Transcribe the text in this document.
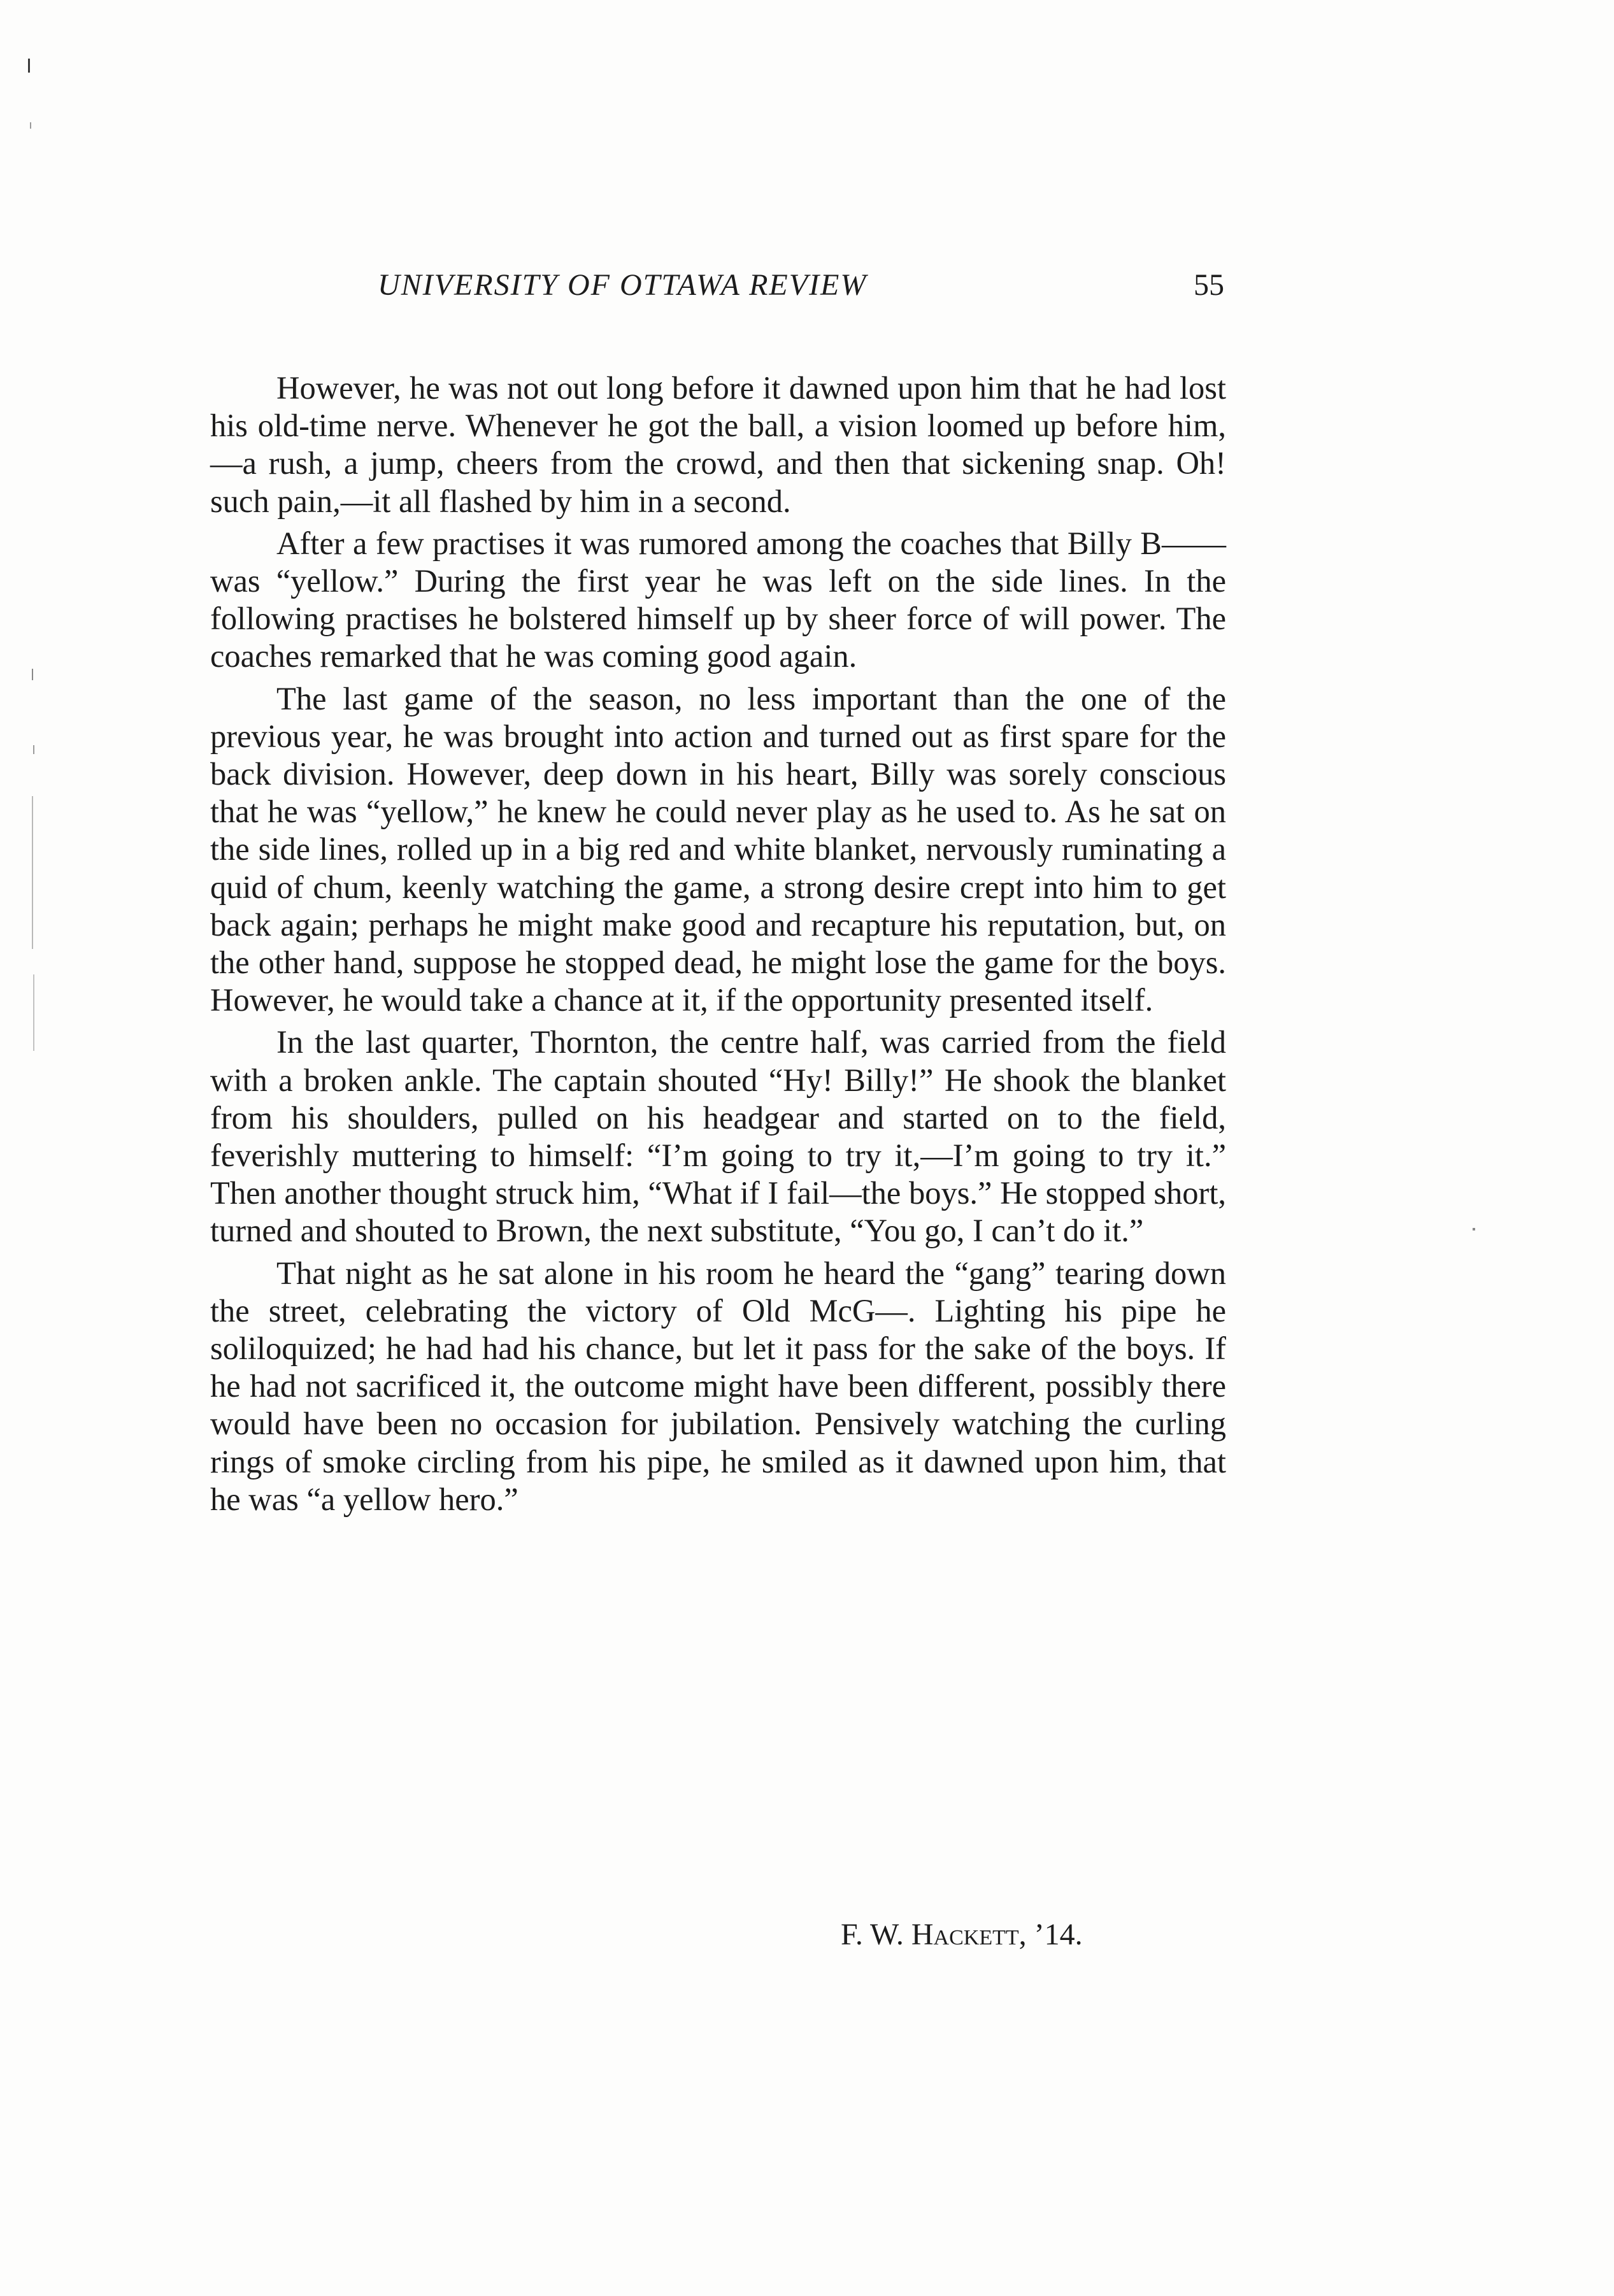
UNIVERSITY OF OTTAWA REVIEW	55

However, he was not out long before it dawned upon him that he had lost his old-time nerve. Whenever he got the ball, a vision loomed up before him,—a rush, a jump, cheers from the crowd, and then that sickening snap. Oh! such pain,—it all flashed by him in a second.

After a few practises it was rumored among the coaches that Billy B—— was “yellow.” During the first year he was left on the side lines. In the following practises he bolstered himself up by sheer force of will power. The coaches remarked that he was coming good again.

The last game of the season, no less important than the one of the previous year, he was brought into action and turned out as first spare for the back division. However, deep down in his heart, Billy was sorely conscious that he was “yellow,” he knew he could never play as he used to. As he sat on the side lines, rolled up in a big red and white blanket, nervously ruminating a quid of chum, keenly watching the game, a strong desire crept into him to get back again; perhaps he might make good and recapture his reputation, but, on the other hand, suppose he stopped dead, he might lose the game for the boys. However, he would take a chance at it, if the opportunity presented itself.

In the last quarter, Thornton, the centre half, was carried from the field with a broken ankle. The captain shouted “Hy! Billy!” He shook the blanket from his shoulders, pulled on his headgear and started on to the field, feverishly muttering to himself: “I’m going to try it,—I’m going to try it.” Then another thought struck him, “What if I fail—the boys.” He stopped short, turned and shouted to Brown, the next substitute, “You go, I can’t do it.”

That night as he sat alone in his room he heard the “gang” tearing down the street, celebrating the victory of Old McG—. Lighting his pipe he soliloquized; he had had his chance, but let it pass for the sake of the boys. If he had not sacrificed it, the outcome might have been different, possibly there would have been no occasion for jubilation. Pensively watching the curling rings of smoke circling from his pipe, he smiled as it dawned upon him, that he was “a yellow hero.”

F. W. Hackett, ’14.
